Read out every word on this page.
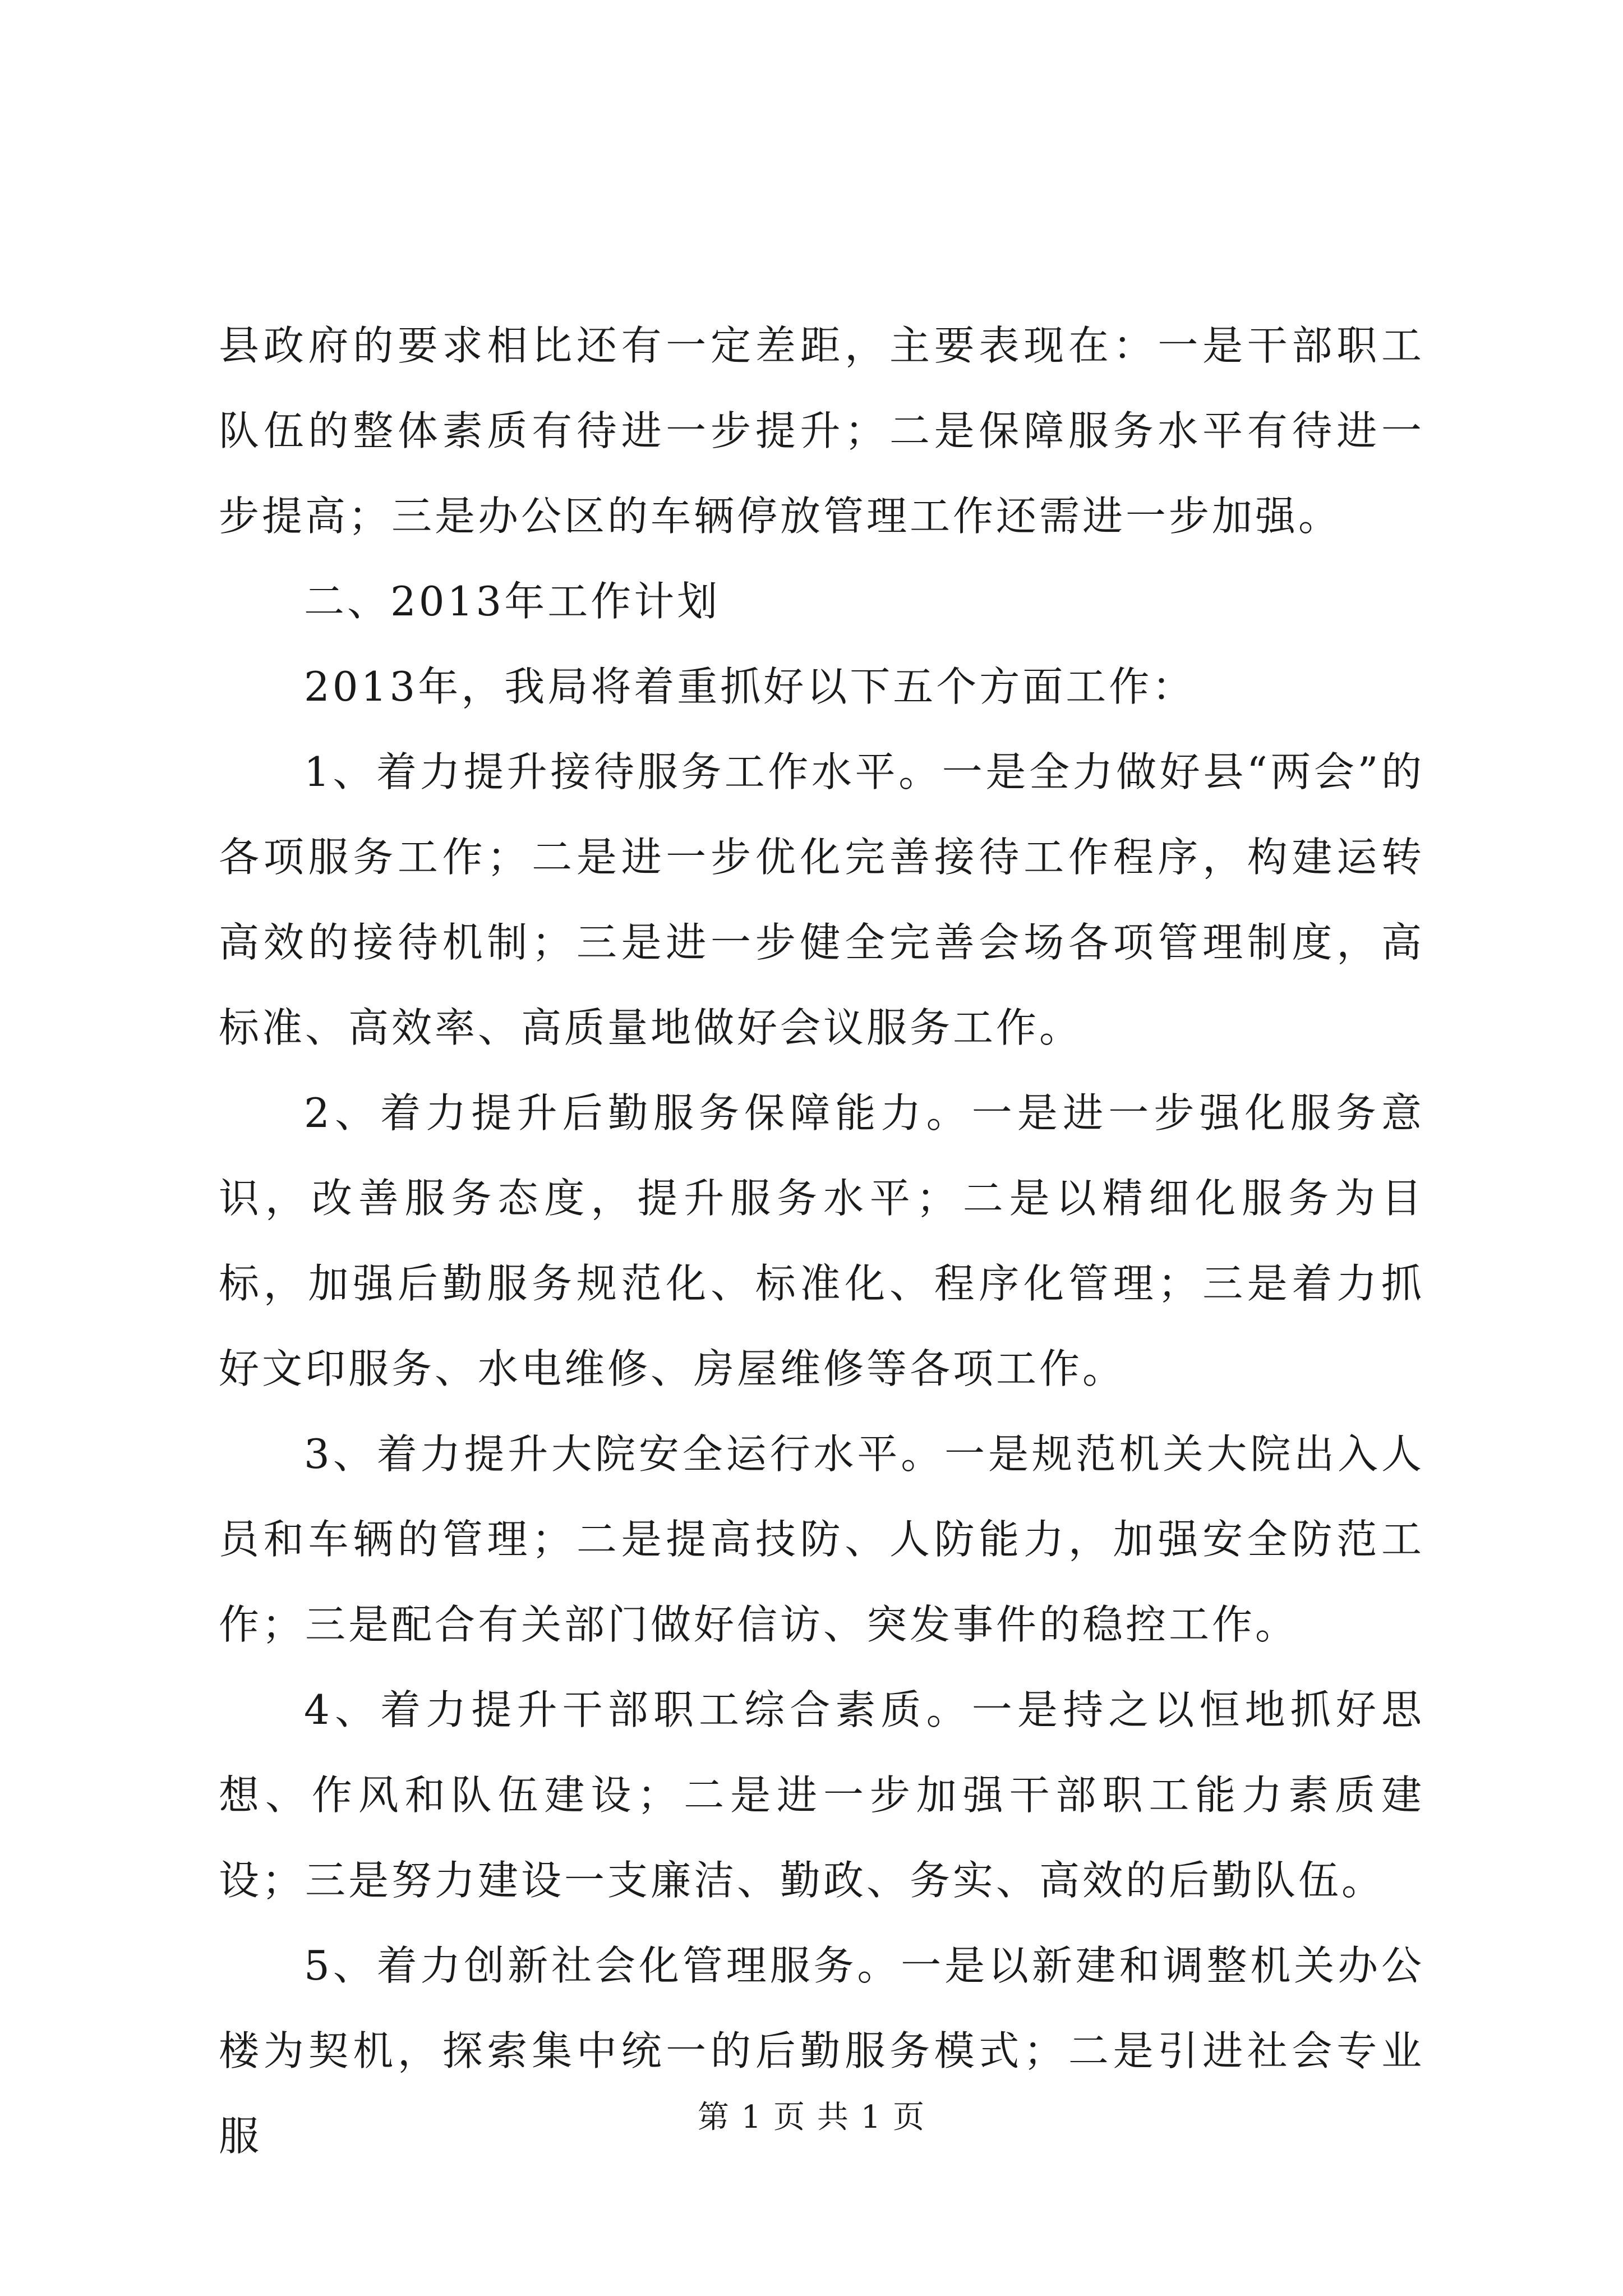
县政府的要求相比还有一定差距，主要表现在：一是干部职工队伍的整体素质有待进一步提升；二是保障服务水平有待进一步提高；三是办公区的车辆停放管理工作还需进一步加强。

二、2013年工作计划

2013年，我局将着重抓好以下五个方面工作：

1、着力提升接待服务工作水平。一是全力做好县“两会”的各项服务工作；二是进一步优化完善接待工作程序，构建运转高效的接待机制；三是进一步健全完善会场各项管理制度，高标准、高效率、高质量地做好会议服务工作。

2、着力提升后勤服务保障能力。一是进一步强化服务意识，改善服务态度，提升服务水平；二是以精细化服务为目标，加强后勤服务规范化、标准化、程序化管理；三是着力抓好文印服务、水电维修、房屋维修等各项工作。

3、着力提升大院安全运行水平。一是规范机关大院出入人员和车辆的管理；二是提高技防、人防能力，加强安全防范工作；三是配合有关部门做好信访、突发事件的稳控工作。

4、着力提升干部职工综合素质。一是持之以恒地抓好思想、作风和队伍建设；二是进一步加强干部职工能力素质建设；三是努力建设一支廉洁、勤政、务实、高效的后勤队伍。

5、着力创新社会化管理服务。一是以新建和调整机关办公楼为契机，探索集中统一的后勤服务模式；二是引进社会专业服	第 1 页 共 1 页
